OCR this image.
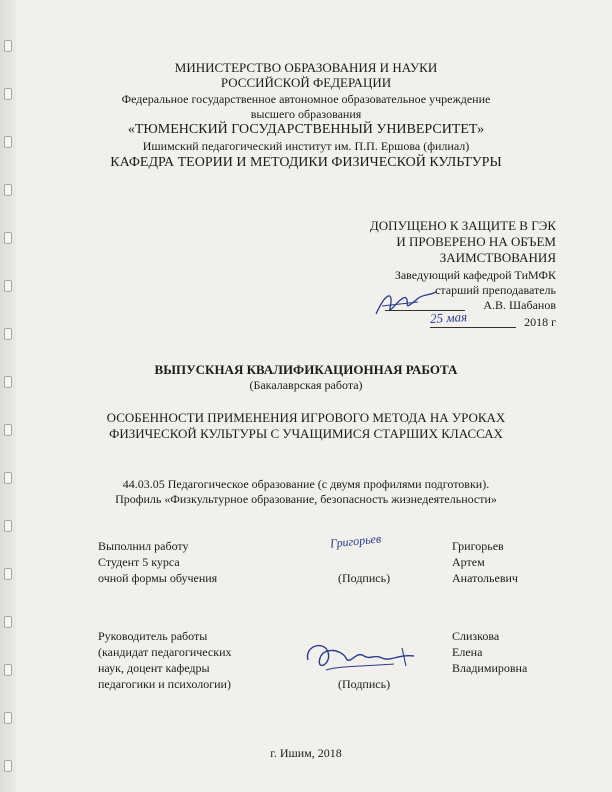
МИНИСТЕРСТВО ОБРАЗОВАНИЯ И НАУКИ
РОССИЙСКОЙ ФЕДЕРАЦИИ
Федеральное государственное автономное образовательное учреждение
высшего образования
«ТЮМЕНСКИЙ ГОСУДАРСТВЕННЫЙ УНИВЕРСИТЕТ»
Ишимский педагогический институт им. П.П. Ершова (филиал)
КАФЕДРА ТЕОРИИ И МЕТОДИКИ ФИЗИЧЕСКОЙ КУЛЬТУРЫ
ДОПУЩЕНО К ЗАЩИТЕ В ГЭК
И ПРОВЕРЕНО НА ОБЪЕМ
ЗАИМСТВОВАНИЯ
Заведующий кафедрой ТиМФК
старший преподаватель
А.В. Шабанов
25 мая	2018 г
ВЫПУСКНАЯ КВАЛИФИКАЦИОННАЯ РАБОТА
(Бакалаврская работа)
ОСОБЕННОСТИ ПРИМЕНЕНИЯ ИГРОВОГО МЕТОДА НА УРОКАХ
ФИЗИЧЕСКОЙ КУЛЬТУРЫ С УЧАЩИМИСЯ СТАРШИХ КЛАССАХ
44.03.05 Педагогическое образование (с двумя профилями подготовки).
Профиль «Физкультурное образование, безопасность жизнедеятельности»
Выполнил работу
Студент 5 курса
очной формы обучения
Григорьев
(Подпись)
Григорьев
Артем
Анатольевич
Руководитель работы
(кандидат педагогических
наук, доцент кафедры
педагогики и психологии)	(Подпись)
Слизкова
Елена
Владимировна
г. Ишим, 2018
